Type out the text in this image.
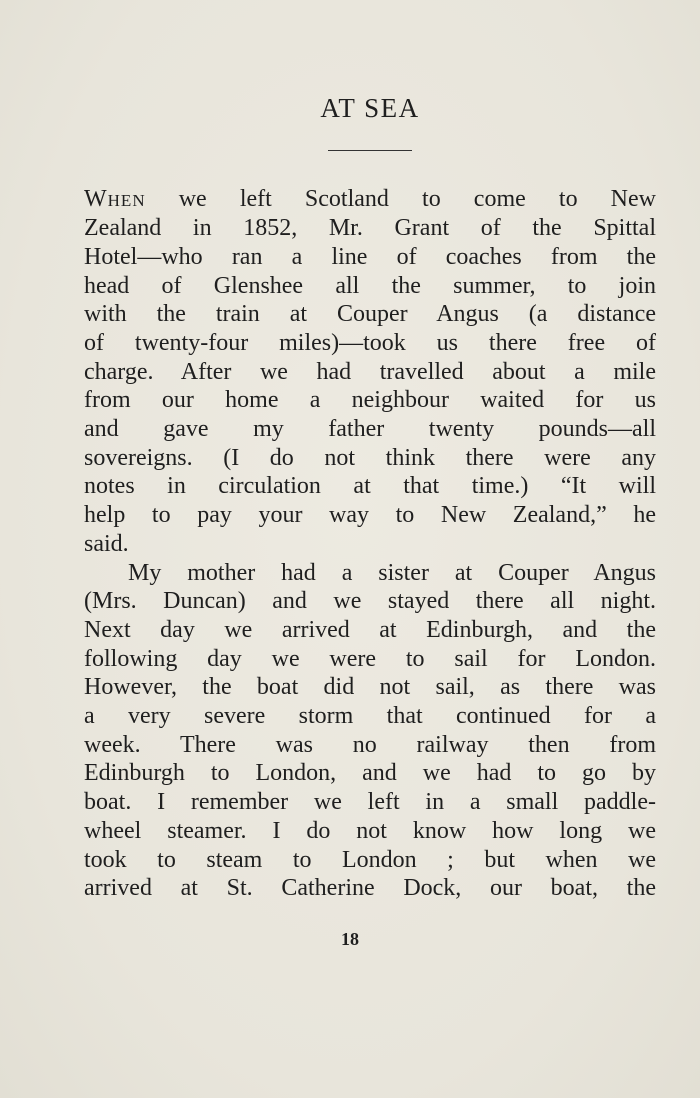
AT SEA
When we left Scotland to come to New
Zealand in 1852, Mr. Grant of the Spittal
Hotel—who ran a line of coaches from the
head of Glenshee all the summer, to join
with the train at Couper Angus (a distance
of twenty-four miles)—took us there free of
charge. After we had travelled about a mile
from our home a neighbour waited for us
and gave my father twenty pounds—all
sovereigns. (I do not think there were any
notes in circulation at that time.) “It will
help to pay your way to New Zealand,” he
said.
My mother had a sister at Couper Angus
(Mrs. Duncan) and we stayed there all night.
Next day we arrived at Edinburgh, and the
following day we were to sail for London.
However, the boat did not sail, as there was
a very severe storm that continued for a
week. There was no railway then from
Edinburgh to London, and we had to go by
boat. I remember we left in a small paddle-
wheel steamer. I do not know how long we
took to steam to London ; but when we
arrived at St. Catherine Dock, our boat, the
18
